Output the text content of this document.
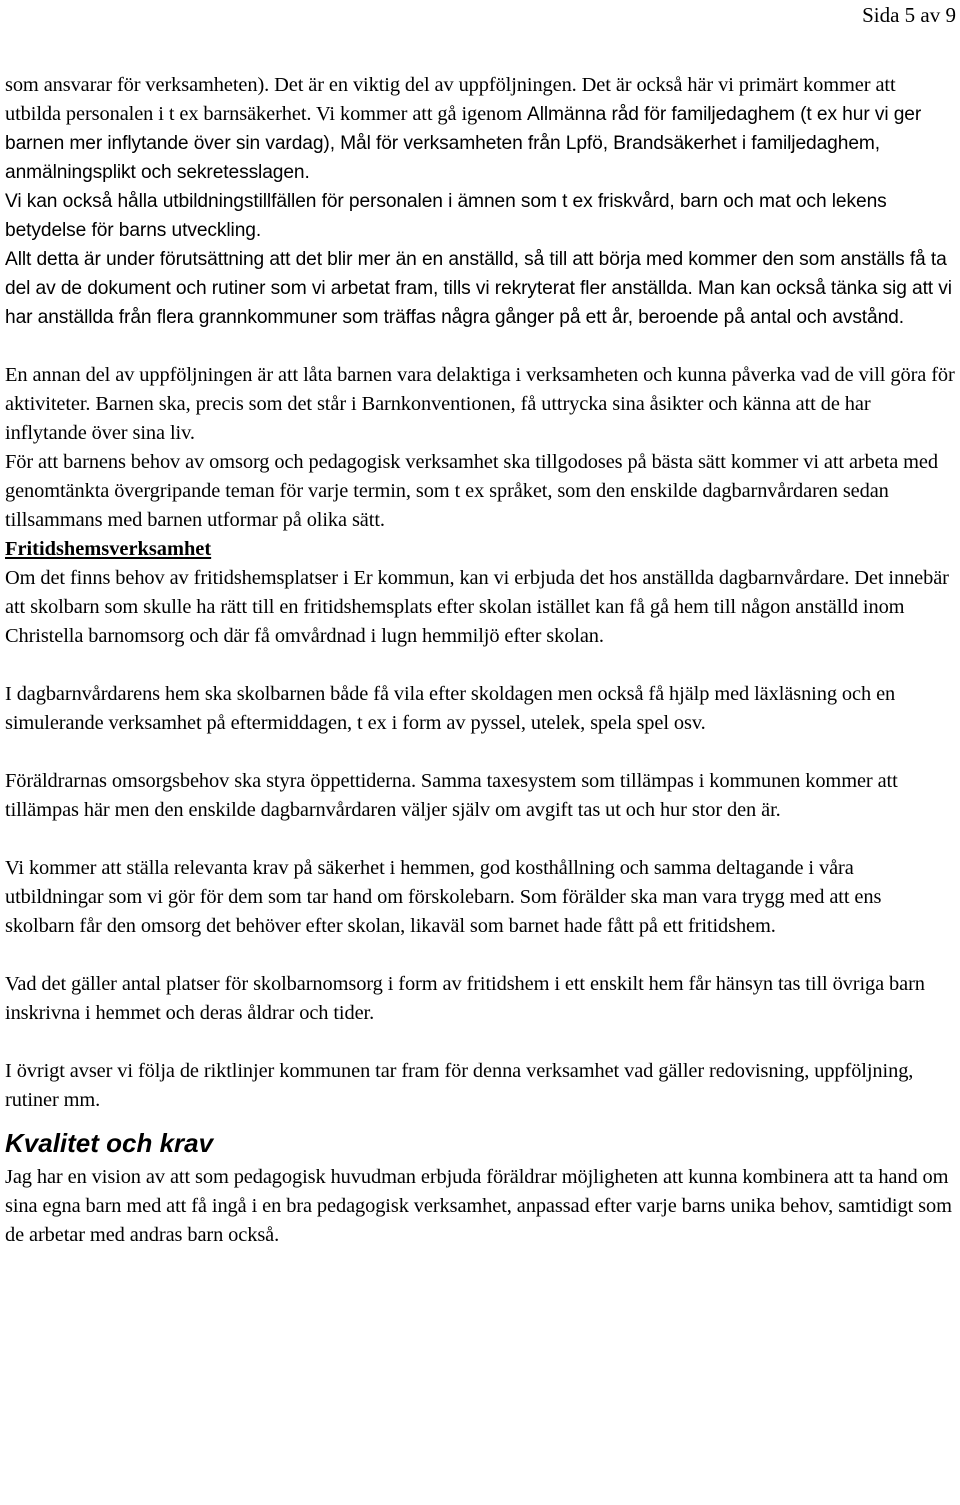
Sida 5 av 9

som ansvarar för verksamheten). Det är en viktig del av uppföljningen. Det är också här vi primärt kommer att utbilda personalen i t ex barnsäkerhet. Vi kommer att gå igenom Allmänna råd för familjedaghem (t ex hur vi ger barnen mer inflytande över sin vardag), Mål för verksamheten från Lpfö, Brandsäkerhet i familjedaghem, anmälningsplikt och sekretesslagen.

Vi kan också hålla utbildningstillfällen för personalen i ämnen som t ex friskvård, barn och mat och lekens betydelse för barns utveckling.

Allt detta är under förutsättning att det blir mer än en anställd, så till att börja med kommer den som anställs få ta del av de dokument och rutiner som vi arbetat fram, tills vi rekryterat fler anställda. Man kan också tänka sig att vi har anställda från flera grannkommuner som träffas några gånger på ett år, beroende på antal och avstånd.

En annan del av uppföljningen är att låta barnen vara delaktiga i verksamheten och kunna påverka vad de vill göra för aktiviteter. Barnen ska, precis som det står i Barnkonventionen, få uttrycka sina åsikter och känna att de har inflytande över sina liv.

För att barnens behov av omsorg och pedagogisk verksamhet ska tillgodoses på bästa sätt kommer vi att arbeta med genomtänkta övergripande teman för varje termin, som t ex språket, som den enskilde dagbarnvårdaren sedan tillsammans med barnen utformar på olika sätt.

Fritidshemsverksamhet

Om det finns behov av fritidshemsplatser i Er kommun, kan vi erbjuda det hos anställda dagbarnvårdare. Det innebär att skolbarn som skulle ha rätt till en fritidshemsplats efter skolan istället kan få gå hem till någon anställd inom Christella barnomsorg och där få omvårdnad i lugn hemmiljö efter skolan.

I dagbarnvårdarens hem ska skolbarnen både få vila efter skoldagen men också få hjälp med läxläsning och en simulerande verksamhet på eftermiddagen, t ex i form av pyssel, utelek, spela spel osv.

Föräldrarnas omsorgsbehov ska styra öppettiderna. Samma taxesystem som tillämpas i kommunen kommer att tillämpas här men den enskilde dagbarnvårdaren väljer själv om avgift tas ut och hur stor den är.

Vi kommer att ställa relevanta krav på säkerhet i hemmen, god kosthållning och samma deltagande i våra utbildningar som vi gör för dem som tar hand om förskolebarn. Som förälder ska man vara trygg med att ens skolbarn får den omsorg det behöver efter skolan, likaväl som barnet hade fått på ett fritidshem.

Vad det gäller antal platser för skolbarnomsorg i form av fritidshem i ett enskilt hem får hänsyn tas till övriga barn inskrivna i hemmet och deras åldrar och tider.

I övrigt avser vi följa de riktlinjer kommunen tar fram för denna verksamhet vad gäller redovisning, uppföljning, rutiner mm.

Kvalitet och krav

Jag har en vision av att som pedagogisk huvudman erbjuda föräldrar möjligheten att kunna kombinera att ta hand om sina egna barn med att få ingå i en bra pedagogisk verksamhet, anpassad efter varje barns unika behov, samtidigt som de arbetar med andras barn också.
